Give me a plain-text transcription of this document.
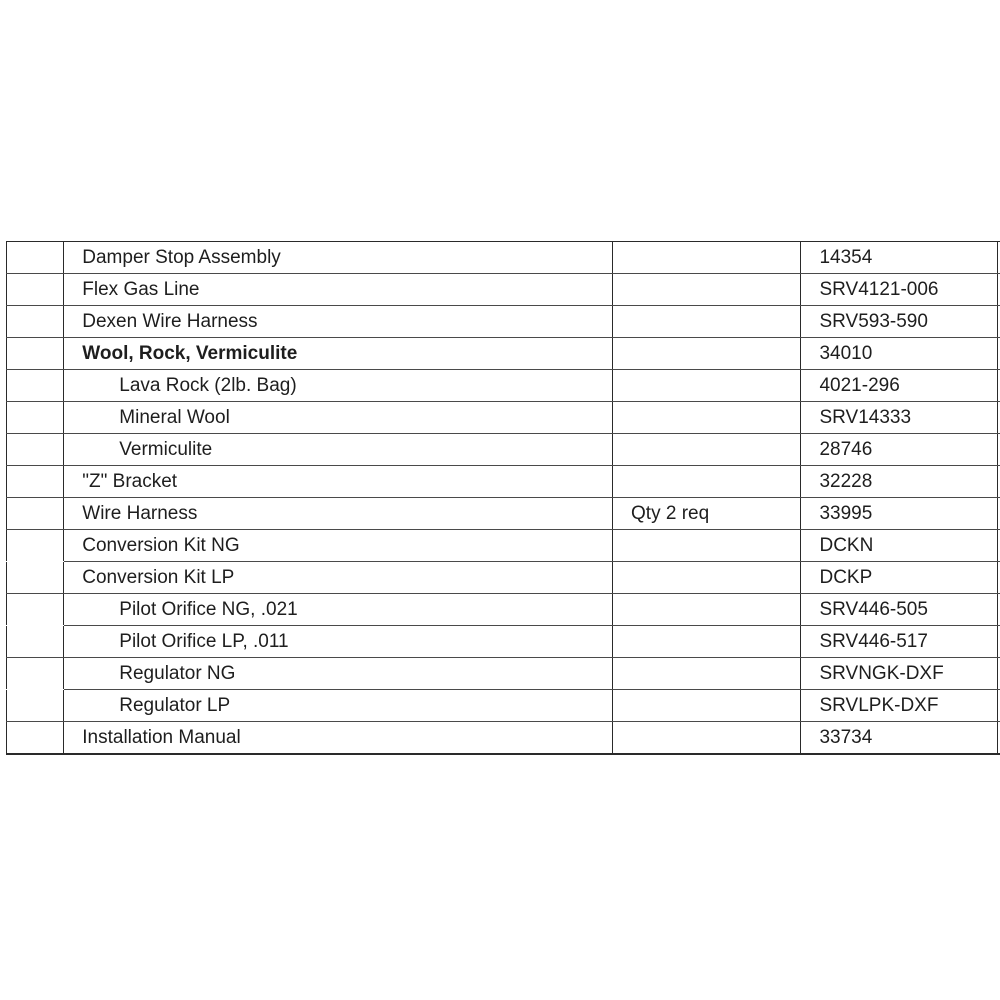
	Damper Stop Assembly		14354	
	Flex Gas Line		SRV4121-006	
	Dexen Wire Harness		SRV593-590	
	Wool, Rock, Vermiculite		34010	
	Lava Rock (2lb. Bag)		4021-296	
	Mineral Wool		SRV14333	
	Vermiculite		28746	
	"Z" Bracket		32228	
	Wire Harness	Qty 2 req	33995	
	Conversion Kit NG		DCKN	
	Conversion Kit LP		DCKP	
	Pilot Orifice NG, .021		SRV446-505	
	Pilot Orifice LP, .011		SRV446-517	
	Regulator NG		SRVNGK-DXF	
	Regulator LP		SRVLPK-DXF	
	Installation Manual		33734	
